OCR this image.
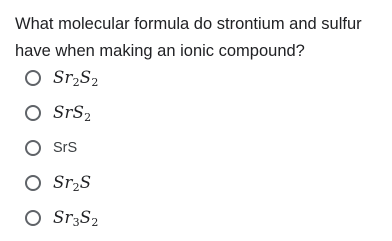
What molecular formula do strontium and sulfur
have when making an ionic compound?
$Sr_2S_2$
SrS$_2$
SrS
$Sr_2S$
$Sr_3S_2$
